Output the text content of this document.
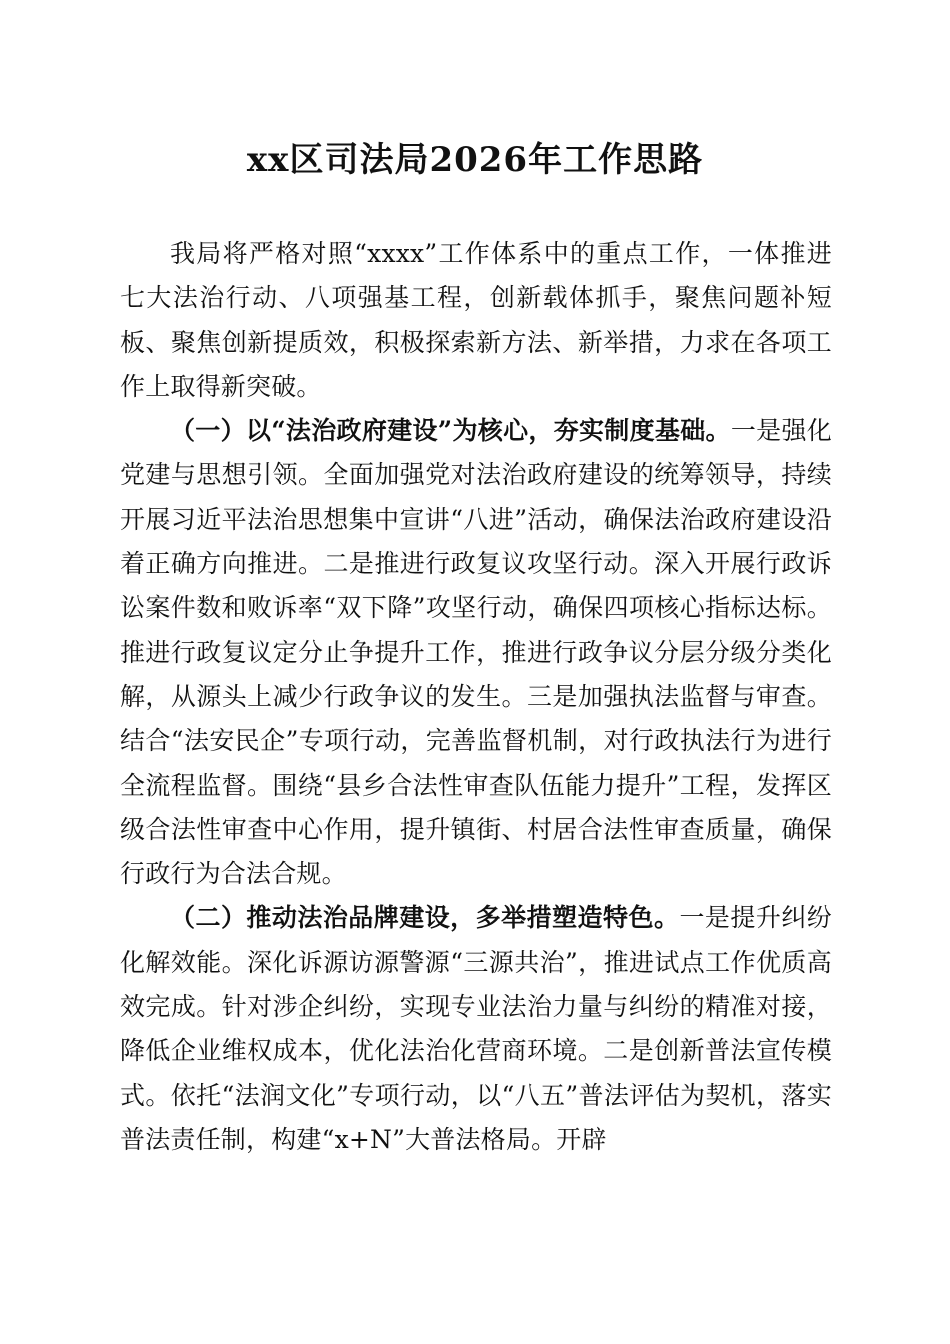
xx区司法局2026年工作思路

我局将严格对照“xxxx”工作体系中的重点工作，一体推进七大法治行动、八项强基工程，创新载体抓手，聚焦问题补短板、聚焦创新提质效，积极探索新方法、新举措，力求在各项工作上取得新突破。

（一）以“法治政府建设”为核心，夯实制度基础。一是强化党建与思想引领。全面加强党对法治政府建设的统筹领导，持续开展习近平法治思想集中宣讲“八进”活动，确保法治政府建设沿着正确方向推进。二是推进行政复议攻坚行动。深入开展行政诉讼案件数和败诉率“双下降”攻坚行动，确保四项核心指标达标。推进行政复议定分止争提升工作，推进行政争议分层分级分类化解，从源头上减少行政争议的发生。三是加强执法监督与审查。结合“法安民企”专项行动，完善监督机制，对行政执法行为进行全流程监督。围绕“县乡合法性审查队伍能力提升”工程，发挥区级合法性审查中心作用，提升镇街、村居合法性审查质量，确保行政行为合法合规。

（二）推动法治品牌建设，多举措塑造特色。一是提升纠纷化解效能。深化诉源访源警源“三源共治”，推进试点工作优质高效完成。针对涉企纠纷，实现专业法治力量与纠纷的精准对接，降低企业维权成本，优化法治化营商环境。二是创新普法宣传模式。依托“法润文化”专项行动，以“八五”普法评估为契机，落实普法责任制，构建“x+N”大普法格局。开辟
